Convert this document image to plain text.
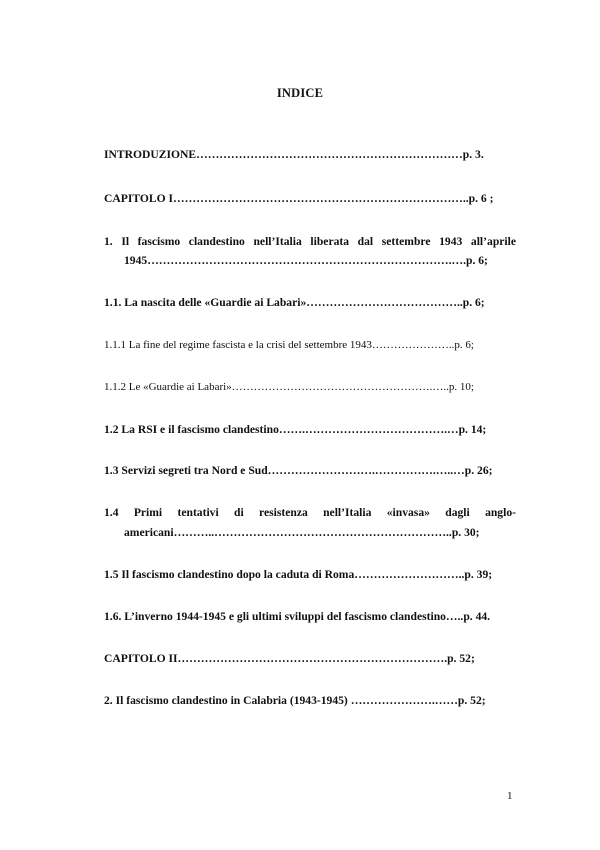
INDICE
INTRODUZIONE……………………………………………………………p. 3.
CAPITOLO I…………………………………………………………………..p. 6 ;
1. Il fascismo clandestino nell’Italia liberata dal settembre 1943 all’aprile
1945…………………………………………………………………….….p. 6;
1.1. La nascita delle «Guardie ai Labari»…………………………………..p. 6;
1.1.1 La fine del regime fascista e la crisi del settembre 1943…………………..p. 6;
1.1.2 Le «Guardie ai Labari»……………………………………………….…..p. 10;
1.2 La RSI e il fascismo clandestino…….……………………………….…p. 14;
1.3 Servizi segreti tra Nord e Sud……………………….…………….…..…p. 26;
1.4 Primi tentativi di resistenza nell’Italia «invasa» dagli anglo-
americani………..……………………………………………………..p. 30;
1.5 Il fascismo clandestino dopo la caduta di Roma………………………..p. 39;
1.6. L’inverno 1944-1945 e gli ultimi sviluppi del fascismo clandestino…..p. 44.
CAPITOLO II…………………………………………………………….p. 52;
2. Il fascismo clandestino in Calabria (1943-1945) ………………….……p. 52;
1
